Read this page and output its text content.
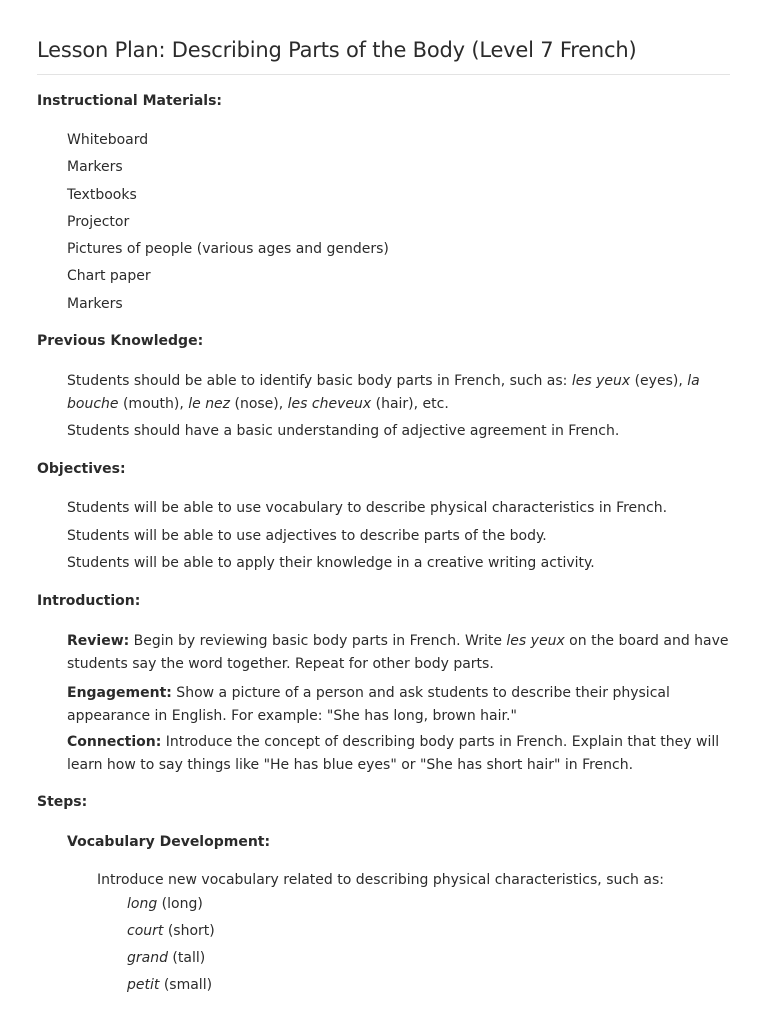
Lesson Plan: Describing Parts of the Body (Level 7 French)
Instructional Materials:
Whiteboard
Markers
Textbooks
Projector
Pictures of people (various ages and genders)
Chart paper
Markers
Previous Knowledge:
Students should be able to identify basic body parts in French, such as: les yeux (eyes), la bouche (mouth), le nez (nose), les cheveux (hair), etc.
Students should have a basic understanding of adjective agreement in French.
Objectives:
Students will be able to use vocabulary to describe physical characteristics in French.
Students will be able to use adjectives to describe parts of the body.
Students will be able to apply their knowledge in a creative writing activity.
Introduction:
Review: Begin by reviewing basic body parts in French. Write les yeux on the board and have students say the word together. Repeat for other body parts.
Engagement: Show a picture of a person and ask students to describe their physical appearance in English. For example: "She has long, brown hair."
Connection: Introduce the concept of describing body parts in French. Explain that they will learn how to say things like "He has blue eyes" or "She has short hair" in French.
Steps:
Vocabulary Development:
Introduce new vocabulary related to describing physical characteristics, such as:
long (long)
court (short)
grand (tall)
petit (small)
